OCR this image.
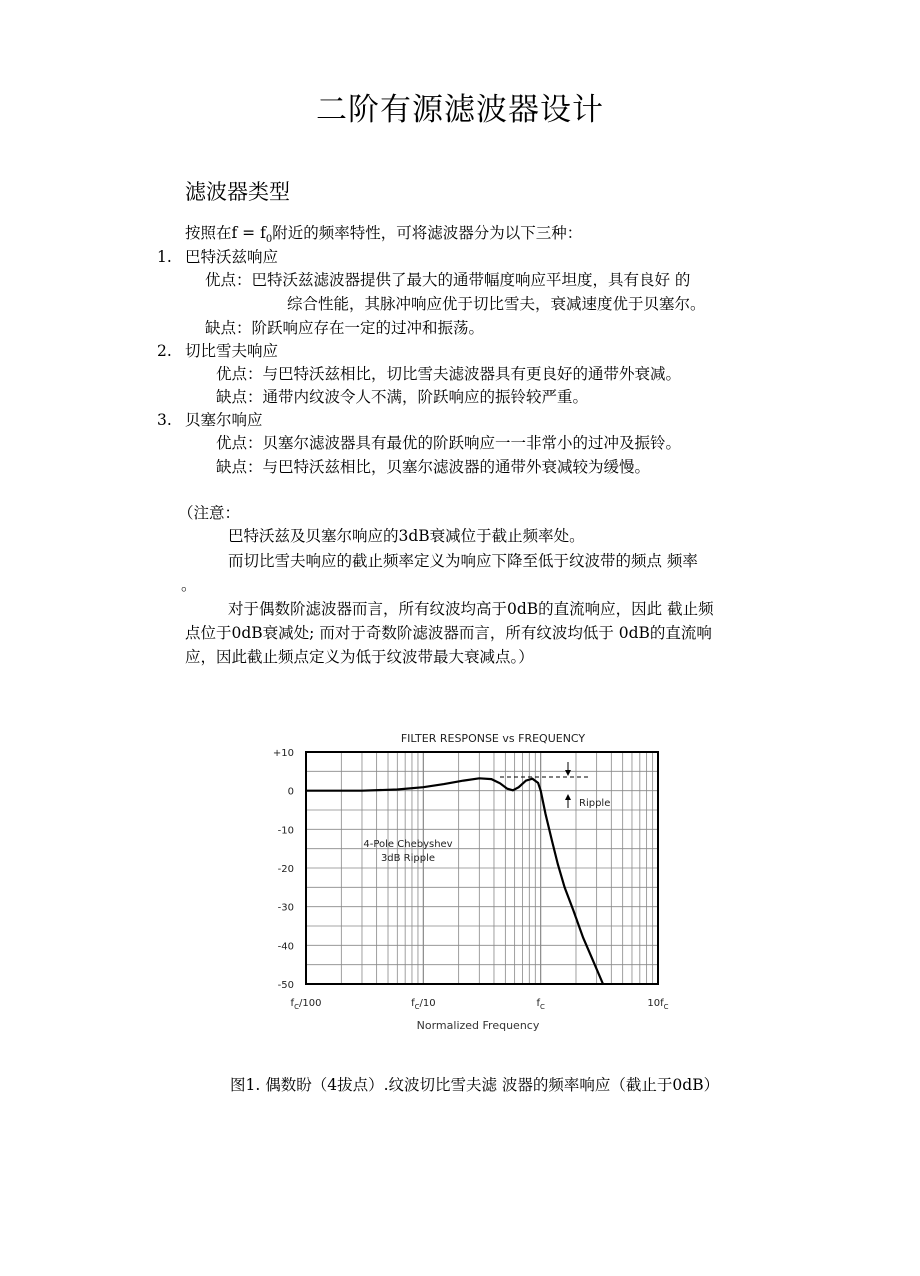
二阶有源滤波器设计
滤波器类型
按照在$f = f_0$附近的频率特性，可将滤波器分为以下三种：
1. 巴特沃兹响应
优点：巴特沃兹滤波器提供了最大的通带幅度响应平坦度，具有良好 的
综合性能，其脉冲响应优于切比雪夫，衰减速度优于贝塞尔。
缺点：阶跃响应存在一定的过冲和振荡。
2. 切比雪夫响应
优点：与巴特沃兹相比，切比雪夫滤波器具有更良好的通带外衰减。
缺点：通带内纹波令人不满，阶跃响应的振铃较严重。
3. 贝塞尔响应
优点：贝塞尔滤波器具有最优的阶跃响应一一非常小的过冲及振铃。
缺点：与巴特沃兹相比，贝塞尔滤波器的通带外衰减较为缓慢。
（注意：
巴特沃兹及贝塞尔响应的3dB衰减位于截止频率处。
而切比雪夫响应的截止频率定义为响应下降至低于纹波带的频点 频率
。
对于偶数阶滤波器而言，所有纹波均高于0dB的直流响应，因此 截止频
点位于0dB衰减处; 而对于奇数阶滤波器而言，所有纹波均低于 0dB的直流响
应，因此截止频点定义为低于纹波带最大衰减点。）
FILTER RESPONSE vs FREQUENCY
+10
0
-10
-20
-30
-40
-50
$f_C/100$	$f_C/10$	$f_C$	$10f_C$
Ripple
4-Pole Chebyshev
3dB Ripple
Normalized Frequency
图1. 偶数盼（4拔点）.纹波切比雪夫滤 波器的频率响应（截止于0dB）
